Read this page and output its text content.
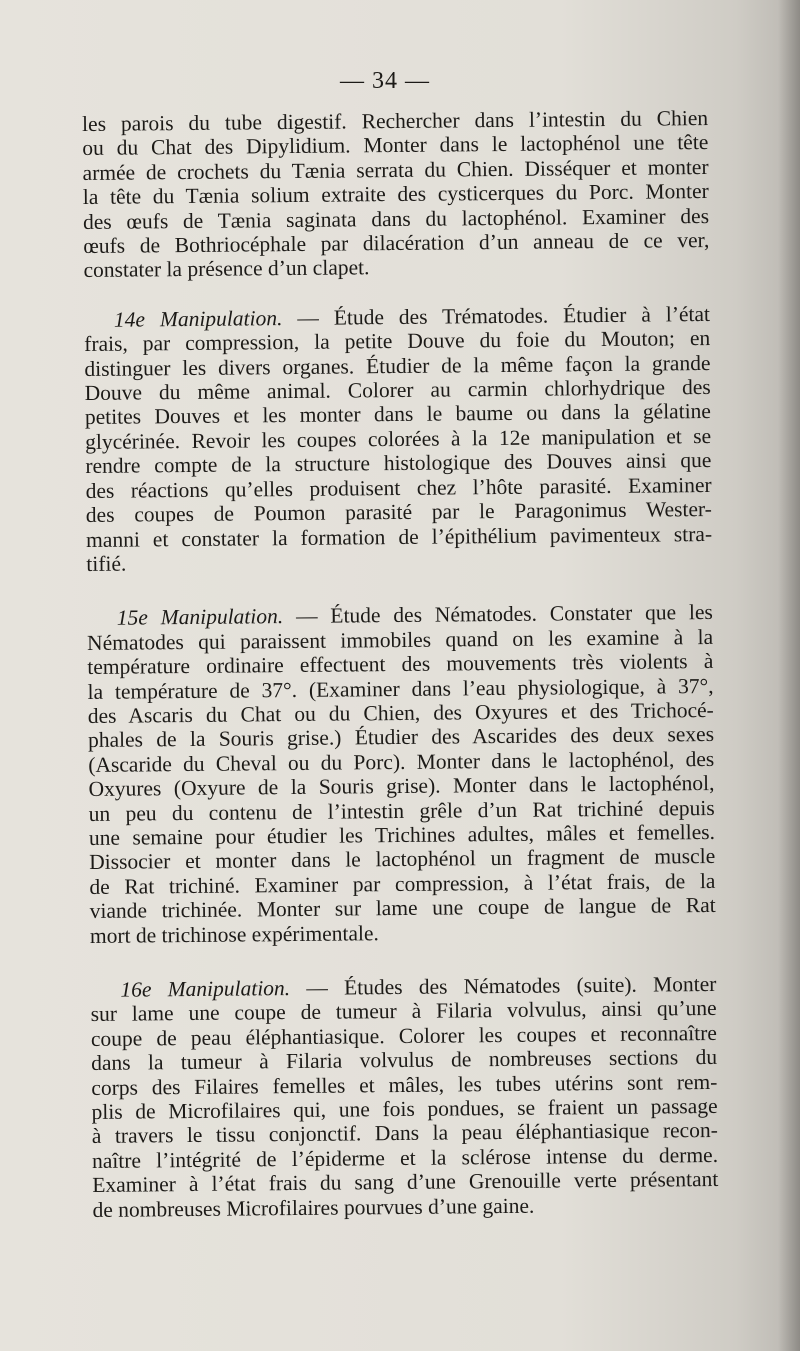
— 34 —
les parois du tube digestif. Rechercher dans l’intestin du Chien
ou du Chat des Dipylidium. Monter dans le lactophénol une tête
armée de crochets du Tænia serrata du Chien. Disséquer et monter
la tête du Tænia solium extraite des cysticerques du Porc. Monter
des œufs de Tænia saginata dans du lactophénol. Examiner des
œufs de Bothriocéphale par dilacération d’un anneau de ce ver,
constater la présence d’un clapet.
14e Manipulation. — Étude des Trématodes. Étudier à l’état
frais, par compression, la petite Douve du foie du Mouton; en
distinguer les divers organes. Étudier de la même façon la grande
Douve du même animal. Colorer au carmin chlorhydrique des
petites Douves et les monter dans le baume ou dans la gélatine
glycérinée. Revoir les coupes colorées à la 12e manipulation et se
rendre compte de la structure histologique des Douves ainsi que
des réactions qu’elles produisent chez l’hôte parasité. Examiner
des coupes de Poumon parasité par le Paragonimus Wester-
manni et constater la formation de l’épithélium pavimenteux stra-
tifié.
15e Manipulation. — Étude des Nématodes. Constater que les
Nématodes qui paraissent immobiles quand on les examine à la
température ordinaire effectuent des mouvements très violents à
la température de 37°. (Examiner dans l’eau physiologique, à 37°,
des Ascaris du Chat ou du Chien, des Oxyures et des Trichocé-
phales de la Souris grise.) Étudier des Ascarides des deux sexes
(Ascaride du Cheval ou du Porc). Monter dans le lactophénol, des
Oxyures (Oxyure de la Souris grise). Monter dans le lactophénol,
un peu du contenu de l’intestin grêle d’un Rat trichiné depuis
une semaine pour étudier les Trichines adultes, mâles et femelles.
Dissocier et monter dans le lactophénol un fragment de muscle
de Rat trichiné. Examiner par compression, à l’état frais, de la
viande trichinée. Monter sur lame une coupe de langue de Rat
mort de trichinose expérimentale.
16e Manipulation. — Études des Nématodes (suite). Monter
sur lame une coupe de tumeur à Filaria volvulus, ainsi qu’une
coupe de peau éléphantiasique. Colorer les coupes et reconnaître
dans la tumeur à Filaria volvulus de nombreuses sections du
corps des Filaires femelles et mâles, les tubes utérins sont rem-
plis de Microfilaires qui, une fois pondues, se fraient un passage
à travers le tissu conjonctif. Dans la peau éléphantiasique recon-
naître l’intégrité de l’épiderme et la sclérose intense du derme.
Examiner à l’état frais du sang d’une Grenouille verte présentant
de nombreuses Microfilaires pourvues d’une gaine.
